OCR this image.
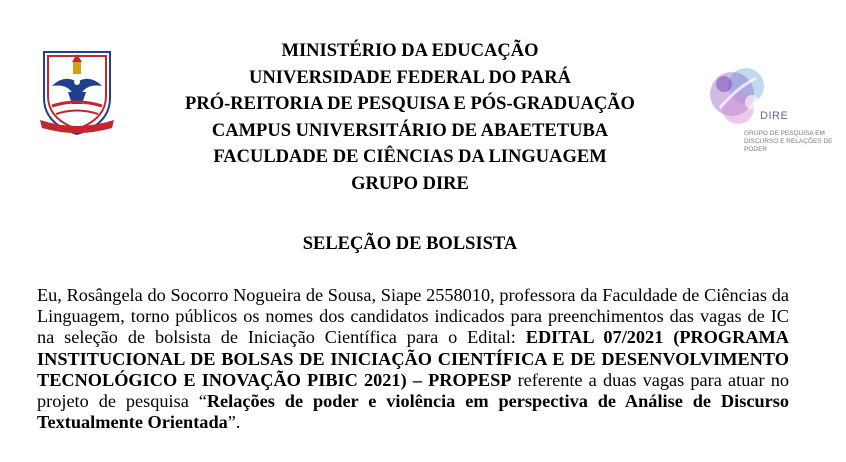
DIRE
GRUPO DE PESQUISA EM DISCURSO E RELAÇÕES DE PODER
MINISTÉRIO DA EDUCAÇÃO
UNIVERSIDADE FEDERAL DO PARÁ
PRÓ-REITORIA DE PESQUISA E PÓS-GRADUAÇÃO
CAMPUS UNIVERSITÁRIO DE ABAETETUBA
FACULDADE DE CIÊNCIAS DA LINGUAGEM
GRUPO DIRE
SELEÇÃO DE BOLSISTA
Eu, Rosângela do Socorro Nogueira de Sousa, Siape 2558010, professora da Faculdade de Ciências da Linguagem, torno públicos os nomes dos candidatos indicados para preenchimentos das vagas de IC na seleção de bolsista de Iniciação Científica para o Edital: EDITAL 07/2021 (PROGRAMA INSTITUCIONAL DE BOLSAS DE INICIAÇÃO CIENTÍFICA E DE DESENVOLVIMENTO TECNOLÓGICO E INOVAÇÃO PIBIC 2021) – PROPESP referente a duas vagas para atuar no projeto de pesquisa “Relações de poder e violência em perspectiva de Análise de Discurso Textualmente Orientada”.
